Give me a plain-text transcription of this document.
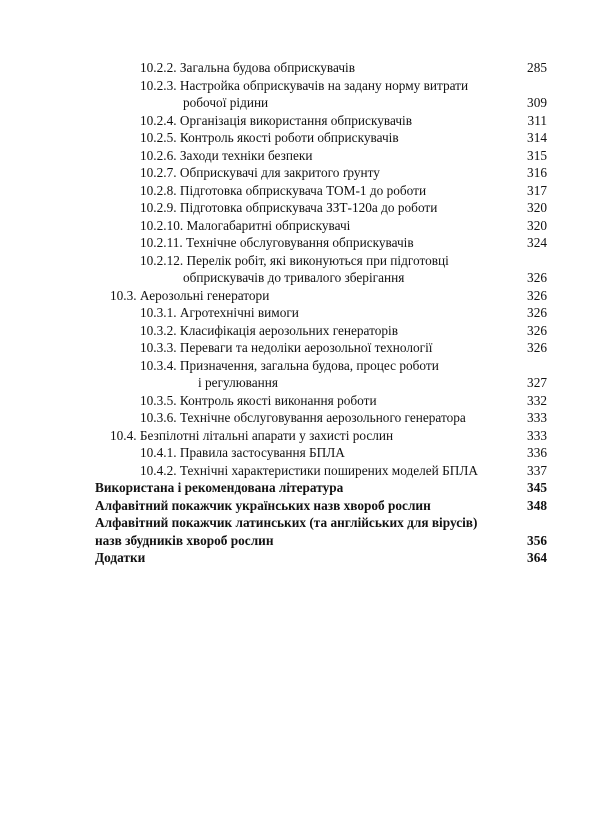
10.2.2. Загальна будова обприскувачів	285
10.2.3. Настройка обприскувачів на задану норму витрати
робочої рідини	309
10.2.4. Організація використання обприскувачів	311
10.2.5. Контроль якості роботи обприскувачів	314
10.2.6. Заходи техніки безпеки	315
10.2.7. Обприскувачі для закритого ґрунту	316
10.2.8. Підготовка обприскувача ТОМ-1 до роботи	317
10.2.9. Підготовка обприскувача ЗЗТ-120а до роботи	320
10.2.10. Малогабаритні обприскувачі	320
10.2.11. Технічне обслуговування обприскувачів	324
10.2.12. Перелік робіт, які виконуються при підготовці
обприскувачів до тривалого зберігання	326
10.3. Аерозольні генератори	326
10.3.1. Агротехнічні вимоги	326
10.3.2. Класифікація аерозольних генераторів	326
10.3.3. Переваги та недоліки аерозольної технології	326
10.3.4. Призначення, загальна будова, процес роботи
і регулювання	327
10.3.5. Контроль якості виконання роботи	332
10.3.6. Технічне обслуговування аерозольного генератора	333
10.4. Безпілотні літальні апарати у захисті рослин	333
10.4.1. Правила застосування БПЛА	336
10.4.2. Технічні характеристики поширених моделей БПЛА	337
Використана і рекомендована література	345
Алфавітний покажчик українських назв хвороб рослин	348
Алфавітний покажчик латинських (та англійських для вірусів)
назв збудників хвороб рослин	356
Додатки	364
